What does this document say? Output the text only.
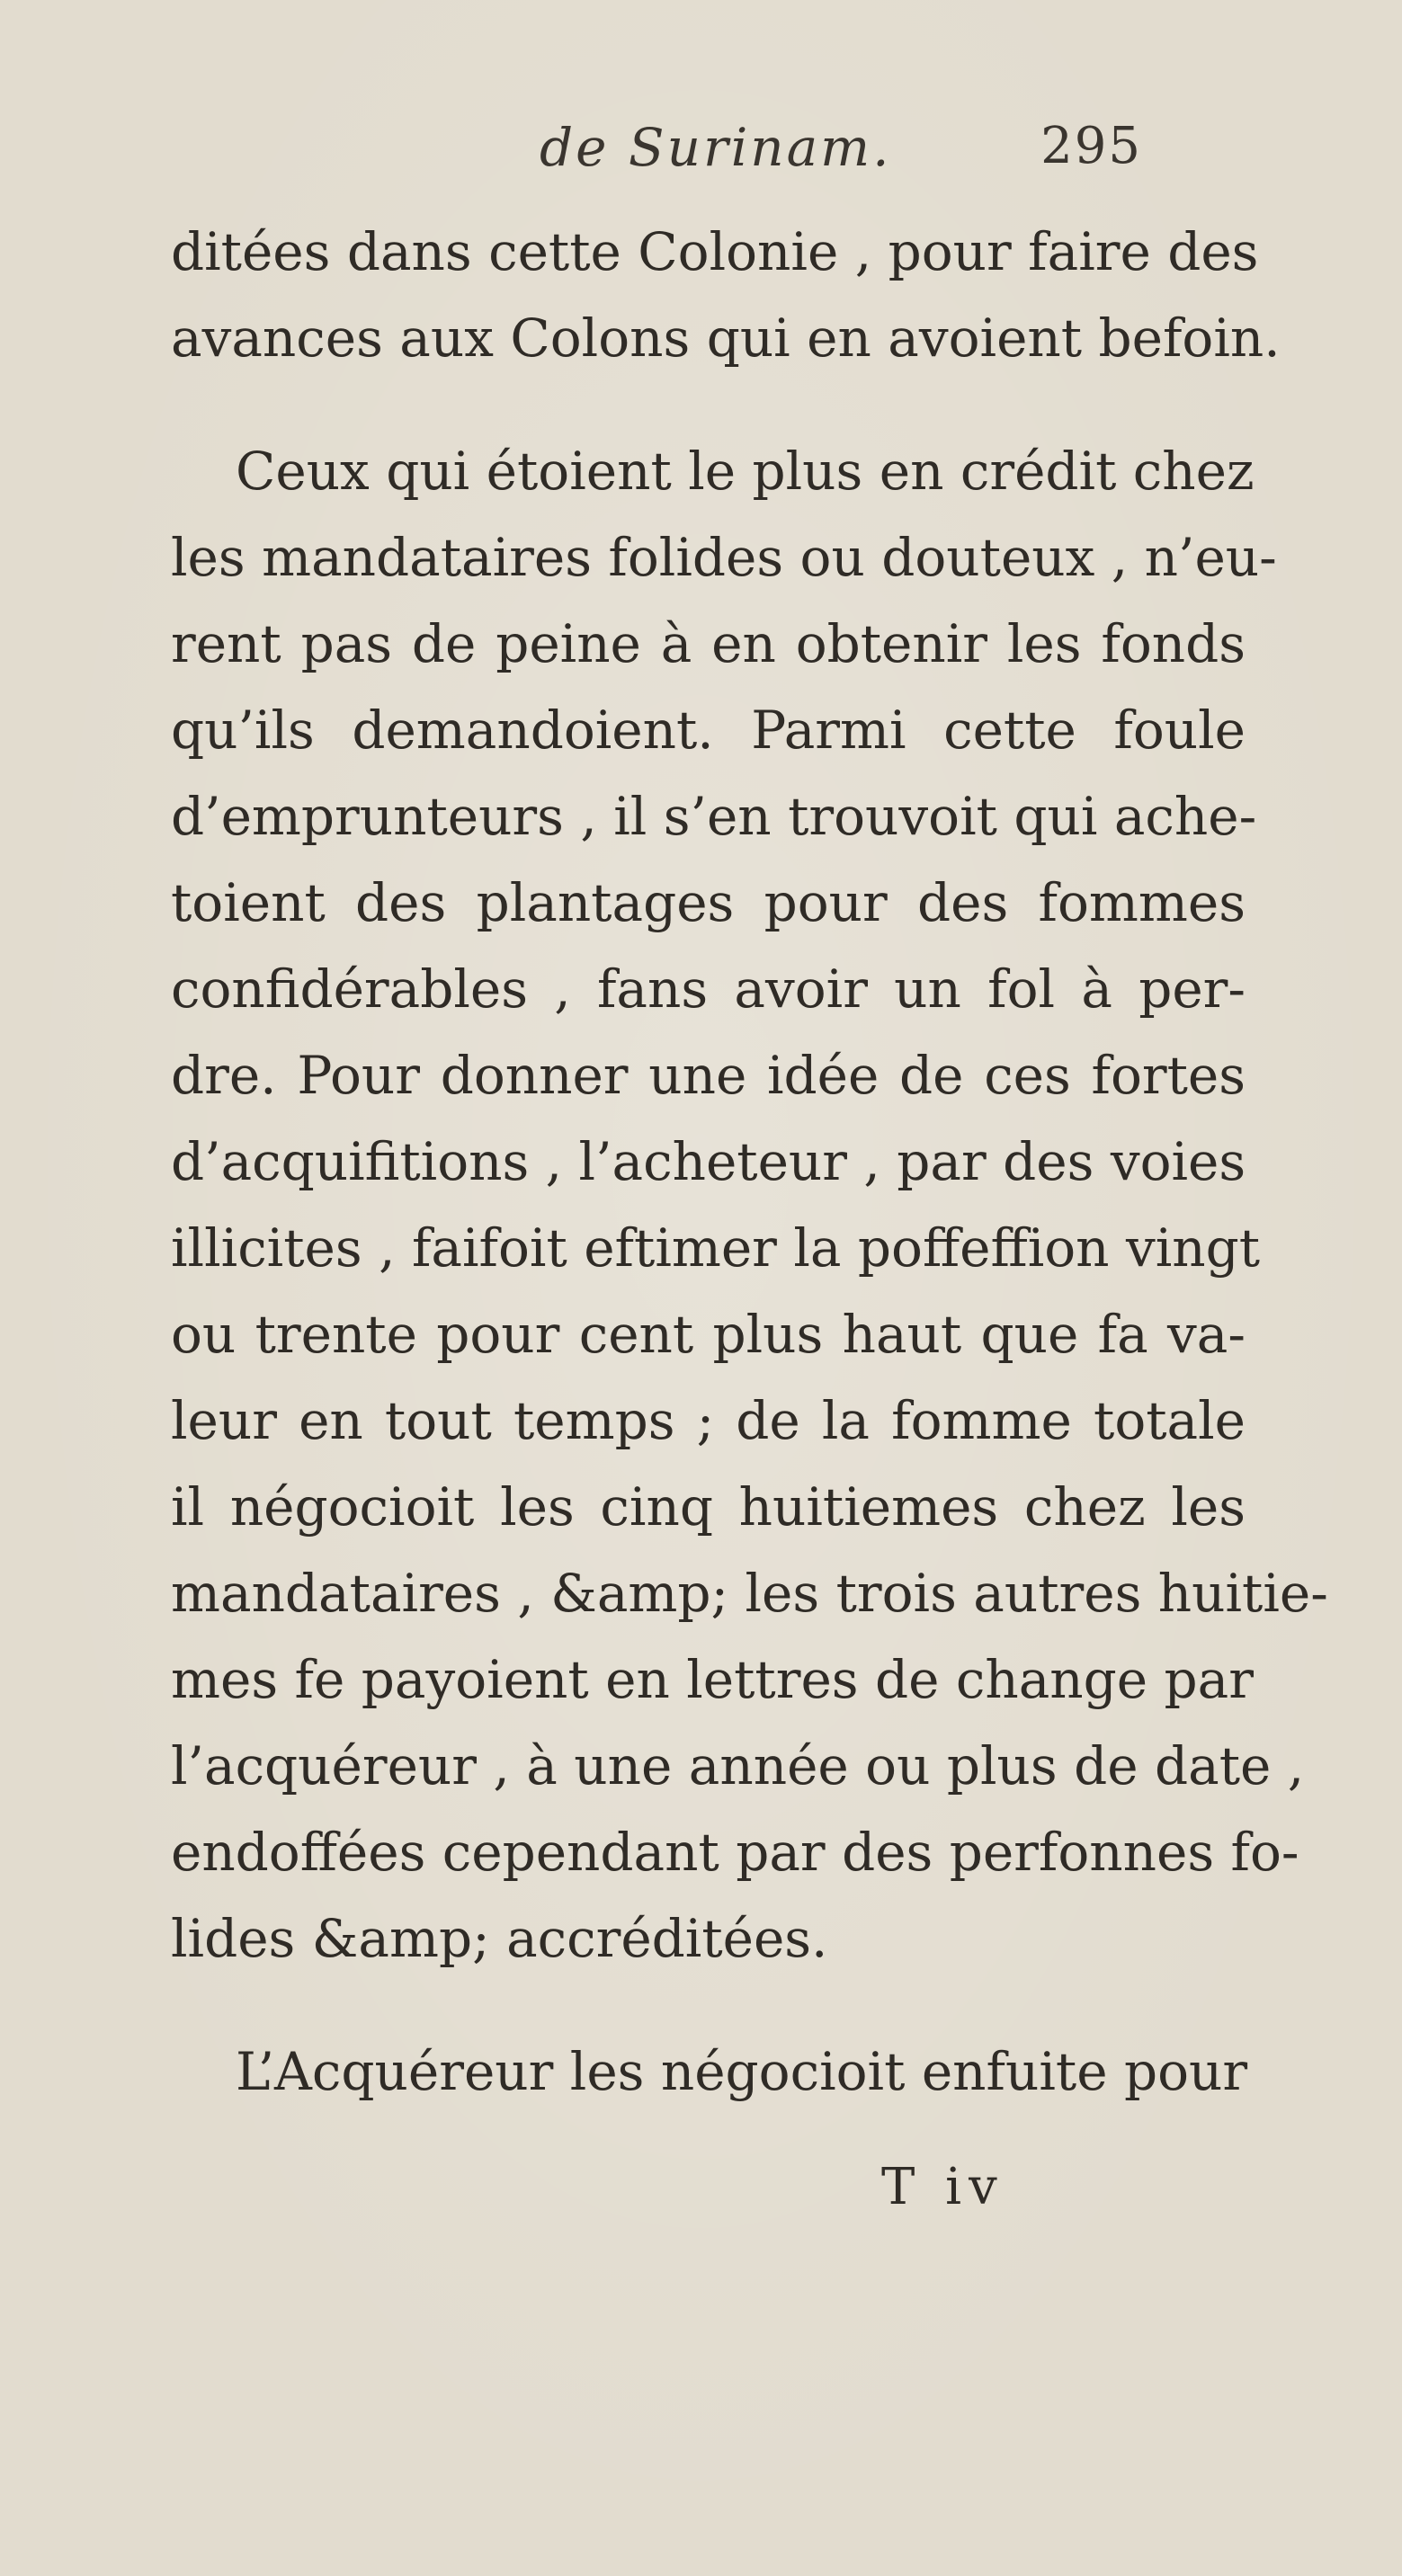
de Surinam.	295
ditées dans cette Colonie , pour faire des
avances aux Colons qui en avoient befoin.
Ceux qui étoient le plus en crédit chez
les mandataires folides ou douteux , n’eu-
rent pas de peine à en obtenir les fonds
qu’ils demandoient. Parmi cette foule
d’emprunteurs , il s’en trouvoit qui ache-
toient des plantages pour des fommes
confidérables , fans avoir un fol à per-
dre. Pour donner une idée de ces fortes
d’acquifitions , l’acheteur , par des voies
illicites , faifoit eftimer la poffeffion vingt
ou trente pour cent plus haut que fa va-
leur en tout temps ; de la fomme totale
il négocioit les cinq huitiemes chez les
mandataires , &amp; les trois autres huitie-
mes fe payoient en lettres de change par
l’acquéreur , à une année ou plus de date ,
endoffées cependant par des perfonnes fo-
lides &amp; accréditées.
L’Acquéreur les négocioit enfuite pour
T iv
